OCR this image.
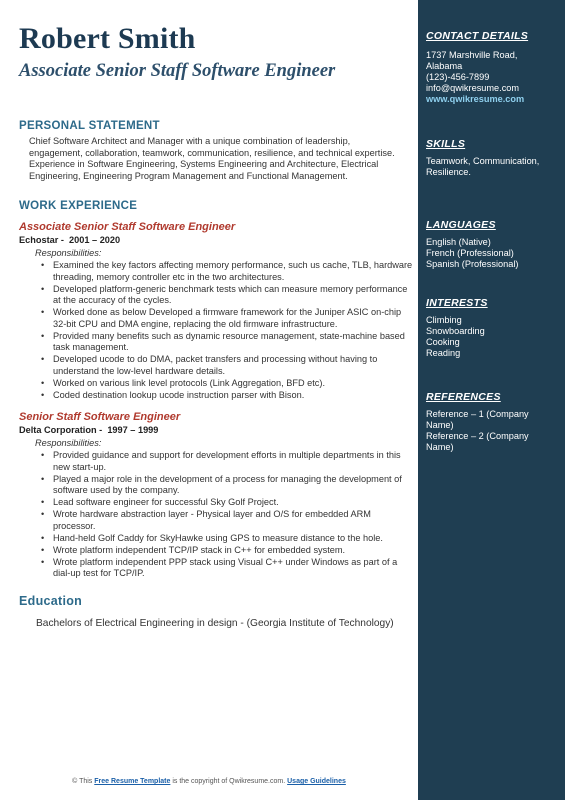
Robert Smith
Associate Senior Staff Software Engineer
PERSONAL STATEMENT
Chief Software Architect and Manager with a unique combination of leadership, engagement, collaboration, teamwork, communication, resilience, and technical expertise. Experience in Software Engineering, Systems Engineering and Architecture, Electrical Engineering, Engineering Program Management and Functional Management.
WORK EXPERIENCE
Associate Senior Staff Software Engineer
Echostar - 2001 – 2020
Responsibilities:
• Examined the key factors affecting memory performance, such us cache, TLB, hardware threading, memory controller etc in the two architectures.
• Developed platform-generic benchmark tests which can measure memory performance at the accuracy of the cycles.
• Worked done as below Developed a firmware framework for the Juniper ASIC on-chip 32-bit CPU and DMA engine, replacing the old firmware infrastructure.
• Provided many benefits such as dynamic resource management, state-machine based task management.
• Developed ucode to do DMA, packet transfers and processing without having to understand the low-level hardware details.
• Worked on various link level protocols (Link Aggregation, BFD etc).
• Coded destination lookup ucode instruction parser with Bison.
Senior Staff Software Engineer
Delta Corporation - 1997 – 1999
Responsibilities:
• Provided guidance and support for development efforts in multiple departments in this new start-up.
• Played a major role in the development of a process for managing the development of software used by the company.
• Lead software engineer for successful Sky Golf Project.
• Wrote hardware abstraction layer - Physical layer and O/S for embedded ARM processor.
• Hand-held Golf Caddy for SkyHawke using GPS to measure distance to the hole.
• Wrote platform independent TCP/IP stack in C++ for embedded system.
• Wrote platform independent PPP stack using Visual C++ under Windows as part of a dial-up test for TCP/IP.
Education
Bachelors of Electrical Engineering in design - (Georgia Institute of Technology)
© This Free Resume Template is the copyright of Qwikresume.com. Usage Guidelines
CONTACT DETAILS
1737 Marshville Road,
Alabama
(123)-456-7899
info@qwikresume.com
www.qwikresume.com
SKILLS
Teamwork, Communication, Resilience.
LANGUAGES
English (Native)
French (Professional)
Spanish (Professional)
INTERESTS
Climbing
Snowboarding
Cooking
Reading
REFERENCES
Reference – 1 (Company Name)
Reference – 2 (Company Name)
